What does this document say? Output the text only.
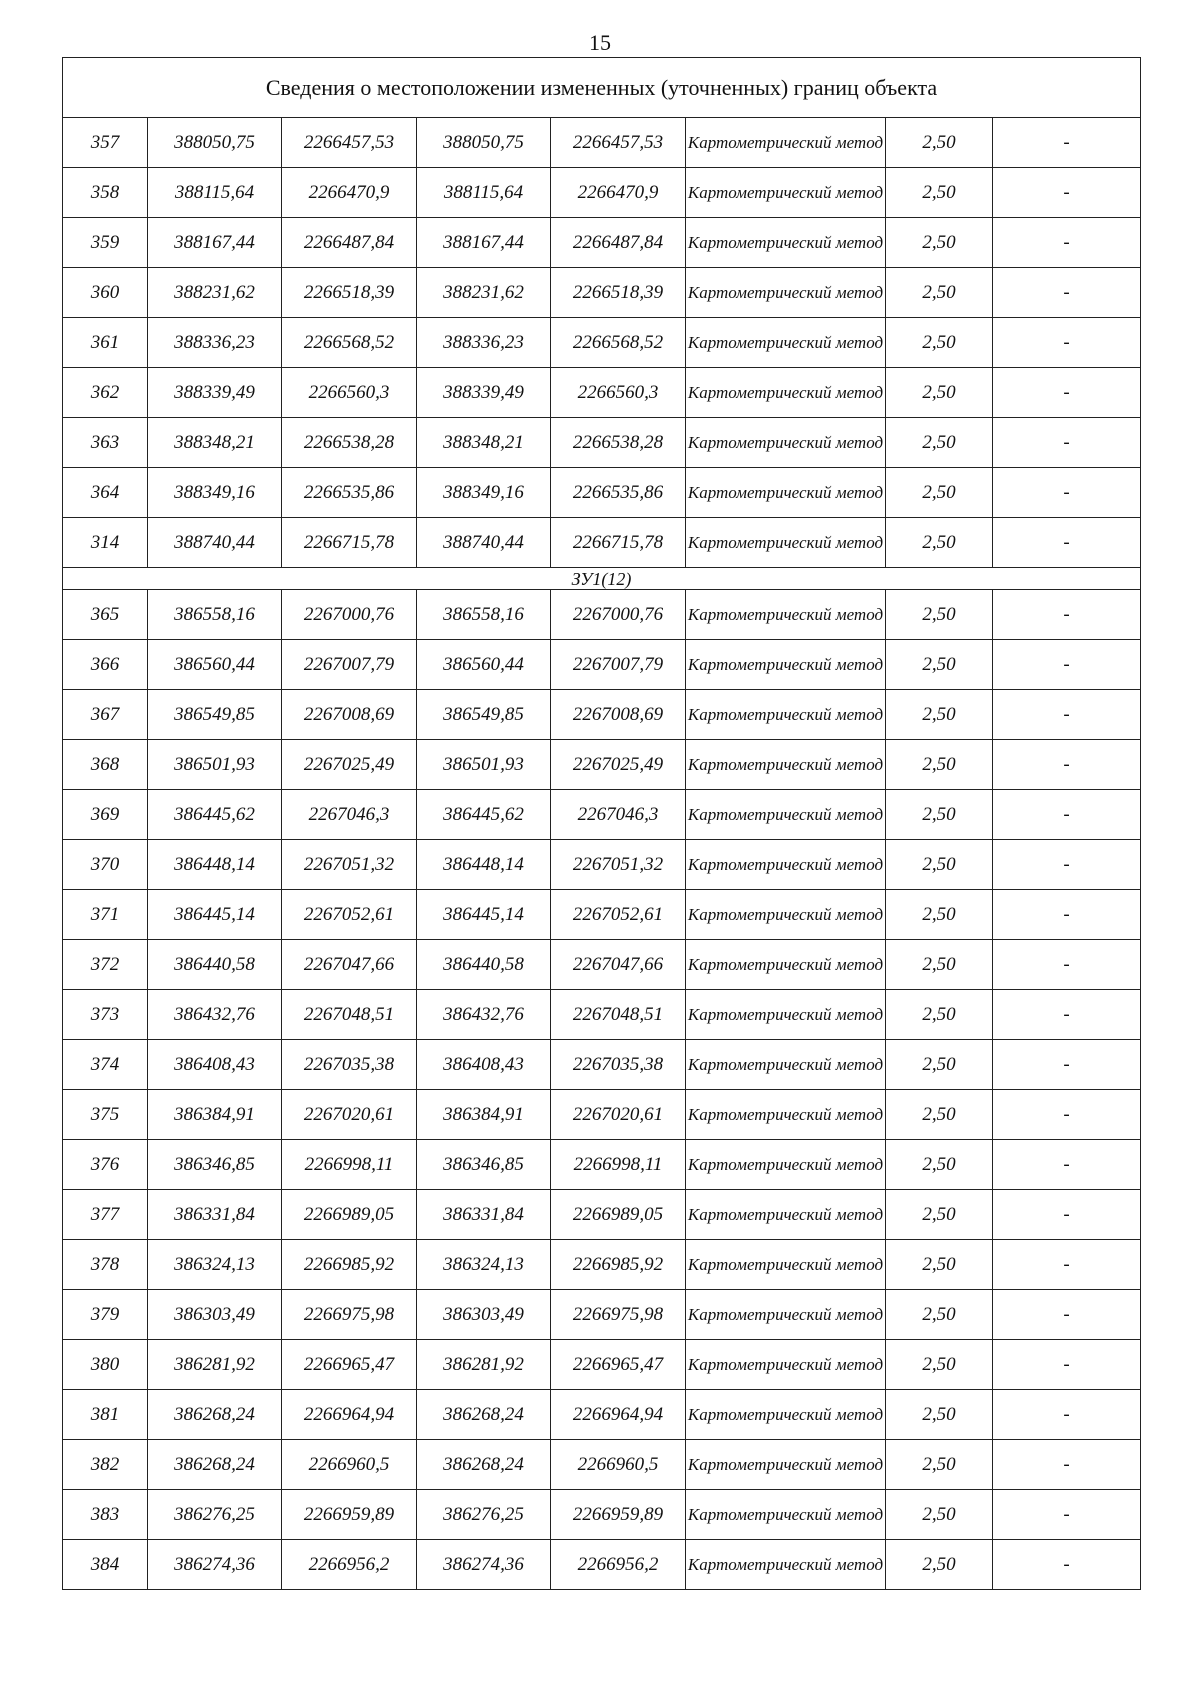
15
Сведения о местоположении измененных (уточненных) границ объекта							
357	388050,75	2266457,53	388050,75	2266457,53	Картометрический метод	2,50	-
358	388115,64	2266470,9	388115,64	2266470,9	Картометрический метод	2,50	-
359	388167,44	2266487,84	388167,44	2266487,84	Картометрический метод	2,50	-
360	388231,62	2266518,39	388231,62	2266518,39	Картометрический метод	2,50	-
361	388336,23	2266568,52	388336,23	2266568,52	Картометрический метод	2,50	-
362	388339,49	2266560,3	388339,49	2266560,3	Картометрический метод	2,50	-
363	388348,21	2266538,28	388348,21	2266538,28	Картометрический метод	2,50	-
364	388349,16	2266535,86	388349,16	2266535,86	Картометрический метод	2,50	-
314	388740,44	2266715,78	388740,44	2266715,78	Картометрический метод	2,50	-
ЗУ1(12)							
365	386558,16	2267000,76	386558,16	2267000,76	Картометрический метод	2,50	-
366	386560,44	2267007,79	386560,44	2267007,79	Картометрический метод	2,50	-
367	386549,85	2267008,69	386549,85	2267008,69	Картометрический метод	2,50	-
368	386501,93	2267025,49	386501,93	2267025,49	Картометрический метод	2,50	-
369	386445,62	2267046,3	386445,62	2267046,3	Картометрический метод	2,50	-
370	386448,14	2267051,32	386448,14	2267051,32	Картометрический метод	2,50	-
371	386445,14	2267052,61	386445,14	2267052,61	Картометрический метод	2,50	-
372	386440,58	2267047,66	386440,58	2267047,66	Картометрический метод	2,50	-
373	386432,76	2267048,51	386432,76	2267048,51	Картометрический метод	2,50	-
374	386408,43	2267035,38	386408,43	2267035,38	Картометрический метод	2,50	-
375	386384,91	2267020,61	386384,91	2267020,61	Картометрический метод	2,50	-
376	386346,85	2266998,11	386346,85	2266998,11	Картометрический метод	2,50	-
377	386331,84	2266989,05	386331,84	2266989,05	Картометрический метод	2,50	-
378	386324,13	2266985,92	386324,13	2266985,92	Картометрический метод	2,50	-
379	386303,49	2266975,98	386303,49	2266975,98	Картометрический метод	2,50	-
380	386281,92	2266965,47	386281,92	2266965,47	Картометрический метод	2,50	-
381	386268,24	2266964,94	386268,24	2266964,94	Картометрический метод	2,50	-
382	386268,24	2266960,5	386268,24	2266960,5	Картометрический метод	2,50	-
383	386276,25	2266959,89	386276,25	2266959,89	Картометрический метод	2,50	-
384	386274,36	2266956,2	386274,36	2266956,2	Картометрический метод	2,50	-
